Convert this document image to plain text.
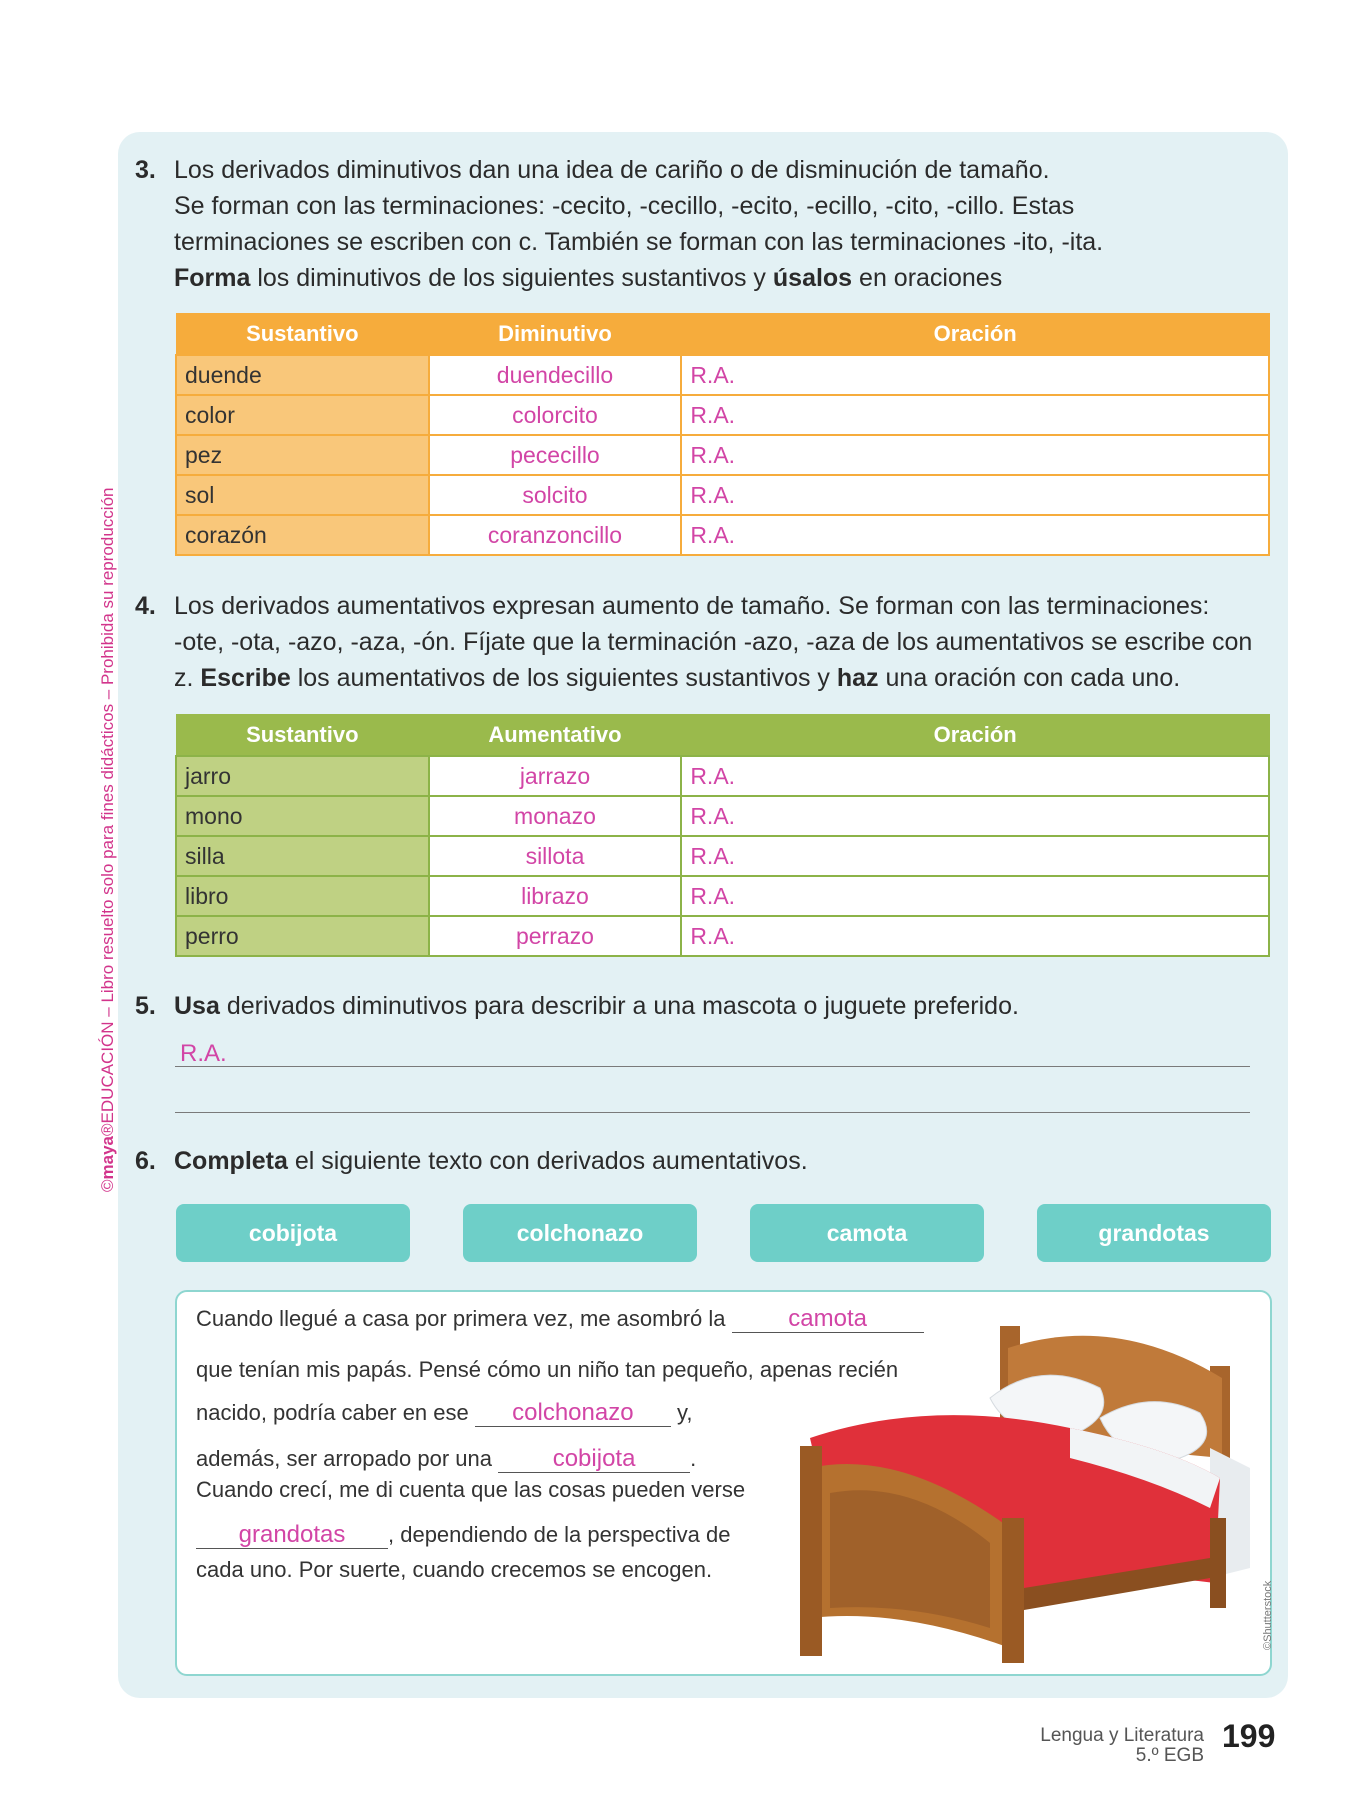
©maya®EDUCACIÓN – Libro resuelto solo para fines didácticos – Prohibida su reproducción
3. Los derivados diminutivos dan una idea de cariño o de disminución de tamaño.
Se forman con las terminaciones: -cecito, -cecillo, -ecito, -ecillo, -cito, -cillo. Estas
terminaciones se escriben con c. También se forman con las terminaciones -ito, -ita.
Forma los diminutivos de los siguientes sustantivos y úsalos en oraciones
Sustantivo	Diminutivo	Oración
duende	duendecillo	R.A.
color	colorcito	R.A.
pez	pececillo	R.A.
sol	solcito	R.A.
corazón	coranzoncillo	R.A.
4. Los derivados aumentativos expresan aumento de tamaño. Se forman con las terminaciones:
-ote, -ota, -azo, -aza, -ón. Fíjate que la terminación -azo, -aza de los aumentativos se escribe con
z. Escribe los aumentativos de los siguientes sustantivos y haz una oración con cada uno.
Sustantivo	Aumentativo	Oración
jarro	jarrazo	R.A.
mono	monazo	R.A.
silla	sillota	R.A.
libro	librazo	R.A.
perro	perrazo	R.A.
5. Usa derivados diminutivos para describir a una mascota o juguete preferido.
R.A.
6. Completa el siguiente texto con derivados aumentativos.
cobijota	colchonazo	camota	grandotas
Cuando llegué a casa por primera vez, me asombró la camota
que tenían mis papás. Pensé cómo un niño tan pequeño, apenas recién
nacido, podría caber en ese colchonazo y,
además, ser arropado por una cobijota .
Cuando crecí, me di cuenta que las cosas pueden verse
grandotas , dependiendo de la perspectiva de
cada uno. Por suerte, cuando crecemos se encogen.
©Shutterstock
Lengua y Literatura
5.º EGB
199
